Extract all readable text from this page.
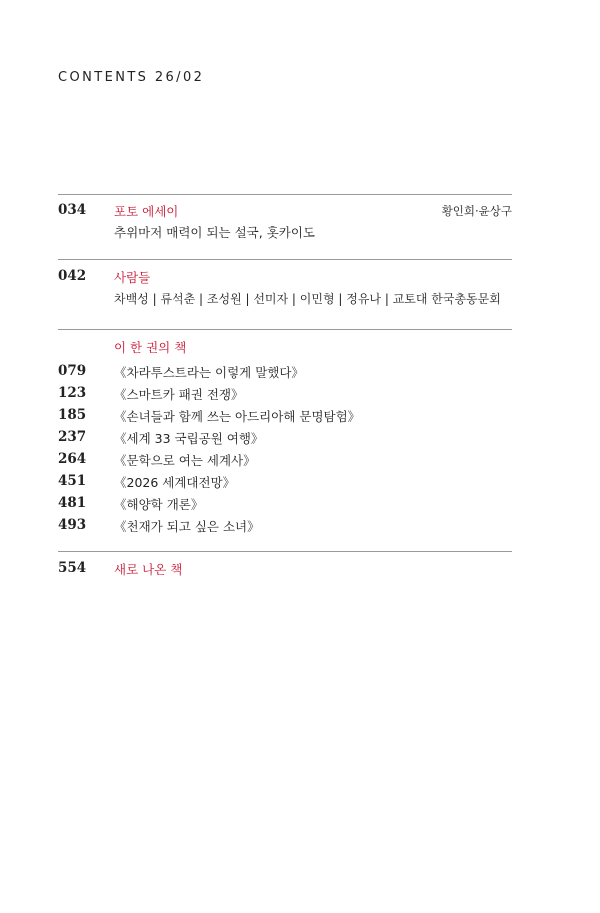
CONTENTS 26/02
034 포토 에세이	황인희·윤상구
추위마저 매력이 되는 설국, 홋카이도
042 사람들
차백성 | 류석춘 | 조성원 | 선미자 | 이민형 | 정유나 | 교토대 한국총동문회
이 한 권의 책
079 《차라투스트라는 이렇게 말했다》
123 《스마트카 패권 전쟁》
185 《손녀들과 함께 쓰는 아드리아해 문명탐험》
237 《세계 33 국립공원 여행》
264 《문학으로 여는 세계사》
451 《2026 세계대전망》
481 《해양학 개론》
493 《천재가 되고 싶은 소녀》
554 새로 나온 책
